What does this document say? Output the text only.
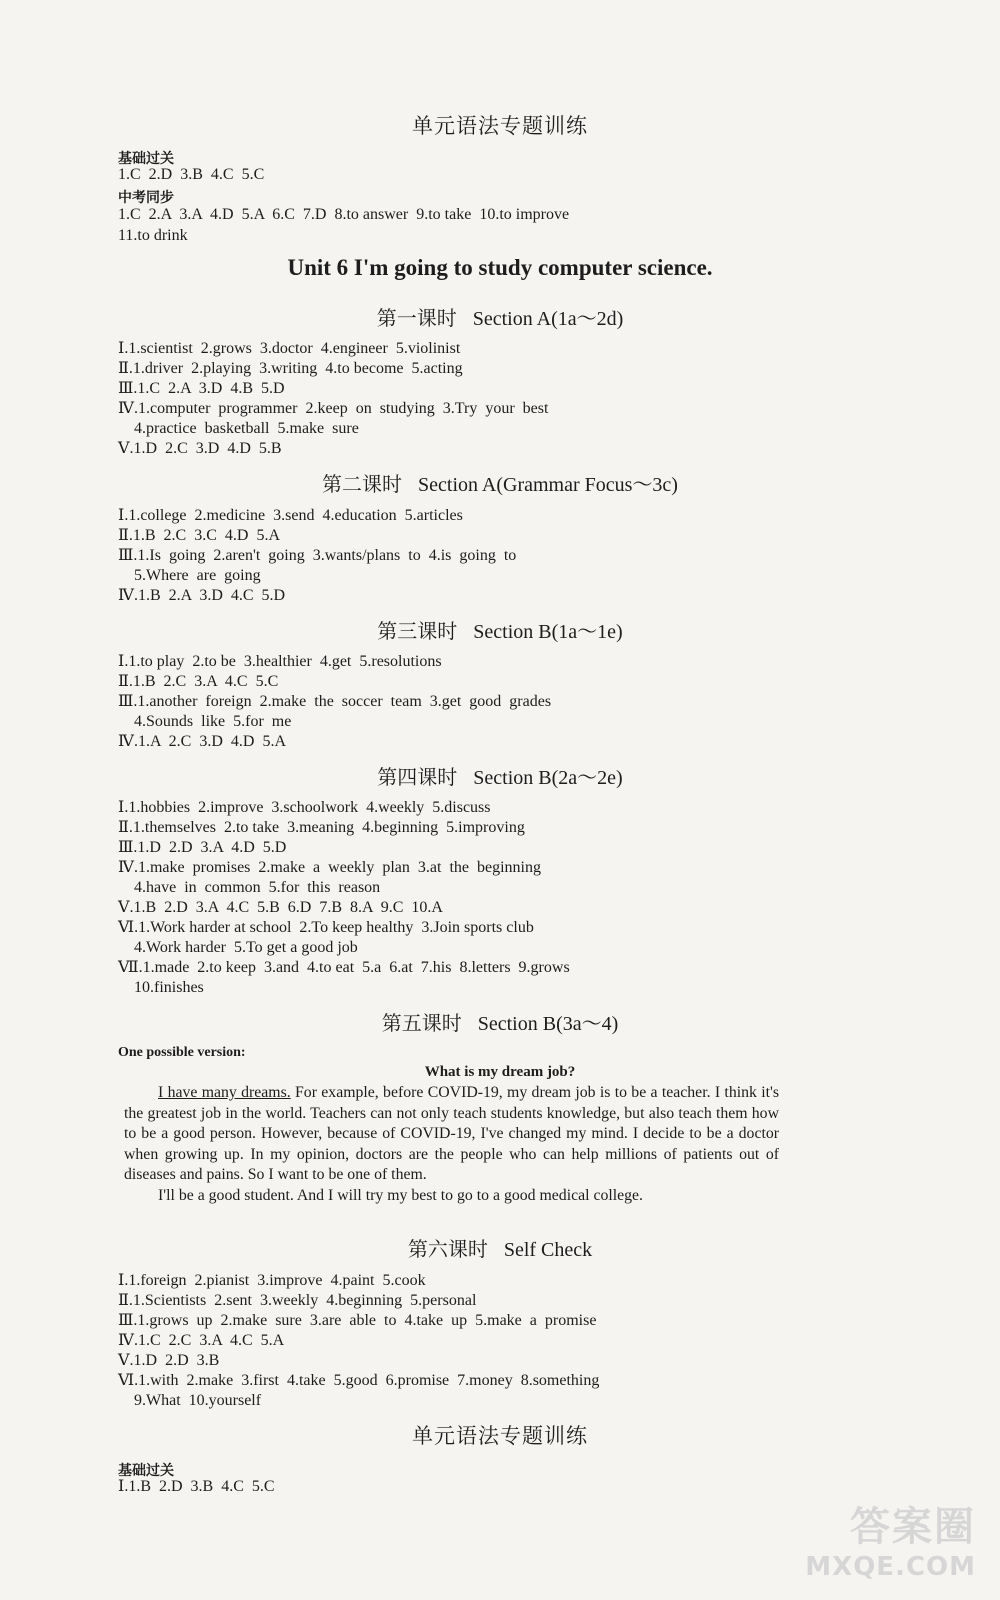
单元语法专题训练
基础过关
1.C  2.D  3.B  4.C  5.C
中考同步
1.C  2.A  3.A  4.D  5.A  6.C  7.D  8.to answer  9.to take  10.to improve
11.to drink
Unit 6 I'm going to study computer science.
第一课时 Section A(1a～2d)
Ⅰ.1.scientist  2.grows  3.doctor  4.engineer  5.violinist
Ⅱ.1.driver  2.playing  3.writing  4.to become  5.acting
Ⅲ.1.C  2.A  3.D  4.B  5.D
Ⅳ.1.computer  programmer  2.keep  on  studying  3.Try  your  best
4.practice  basketball  5.make  sure
Ⅴ.1.D  2.C  3.D  4.D  5.B
第二课时 Section A(Grammar Focus～3c)
Ⅰ.1.college  2.medicine  3.send  4.education  5.articles
Ⅱ.1.B  2.C  3.C  4.D  5.A
Ⅲ.1.Is  going  2.aren't  going  3.wants/plans  to  4.is  going  to
5.Where  are  going
Ⅳ.1.B  2.A  3.D  4.C  5.D
第三课时 Section B(1a～1e)
Ⅰ.1.to play  2.to be  3.healthier  4.get  5.resolutions
Ⅱ.1.B  2.C  3.A  4.C  5.C
Ⅲ.1.another  foreign  2.make  the  soccer  team  3.get  good  grades
4.Sounds  like  5.for  me
Ⅳ.1.A  2.C  3.D  4.D  5.A
第四课时 Section B(2a～2e)
Ⅰ.1.hobbies  2.improve  3.schoolwork  4.weekly  5.discuss
Ⅱ.1.themselves  2.to take  3.meaning  4.beginning  5.improving
Ⅲ.1.D  2.D  3.A  4.D  5.D
Ⅳ.1.make  promises  2.make  a  weekly  plan  3.at  the  beginning
4.have  in  common  5.for  this  reason
Ⅴ.1.B  2.D  3.A  4.C  5.B  6.D  7.B  8.A  9.C  10.A
Ⅵ.1.Work harder at school  2.To keep healthy  3.Join sports club
4.Work harder  5.To get a good job
Ⅶ.1.made  2.to keep  3.and  4.to eat  5.a  6.at  7.his  8.letters  9.grows
10.finishes
第五课时 Section B(3a～4)
One possible version:
What is my dream job?

I have many dreams. For example, before COVID-19, my dream job is to be a teacher. I think it's the greatest job in the world. Teachers can not only teach students knowledge, but also teach them how to be a good person. However, because of COVID-19, I've changed my mind. I decide to be a doctor when growing up. In my opinion, doctors are the people who can help millions of patients out of diseases and pains. So I want to be one of them.

I'll be a good student. And I will try my best to go to a good medical college.

第六课时 Self Check
Ⅰ.1.foreign  2.pianist  3.improve  4.paint  5.cook
Ⅱ.1.Scientists  2.sent  3.weekly  4.beginning  5.personal
Ⅲ.1.grows  up  2.make  sure  3.are  able  to  4.take  up  5.make  a  promise
Ⅳ.1.C  2.C  3.A  4.C  5.A
Ⅴ.1.D  2.D  3.B
Ⅵ.1.with  2.make  3.first  4.take  5.good  6.promise  7.money  8.something
9.What  10.yourself
单元语法专题训练
基础过关
Ⅰ.1.B  2.D  3.B  4.C  5.C
答案圈
MXQE.COM
